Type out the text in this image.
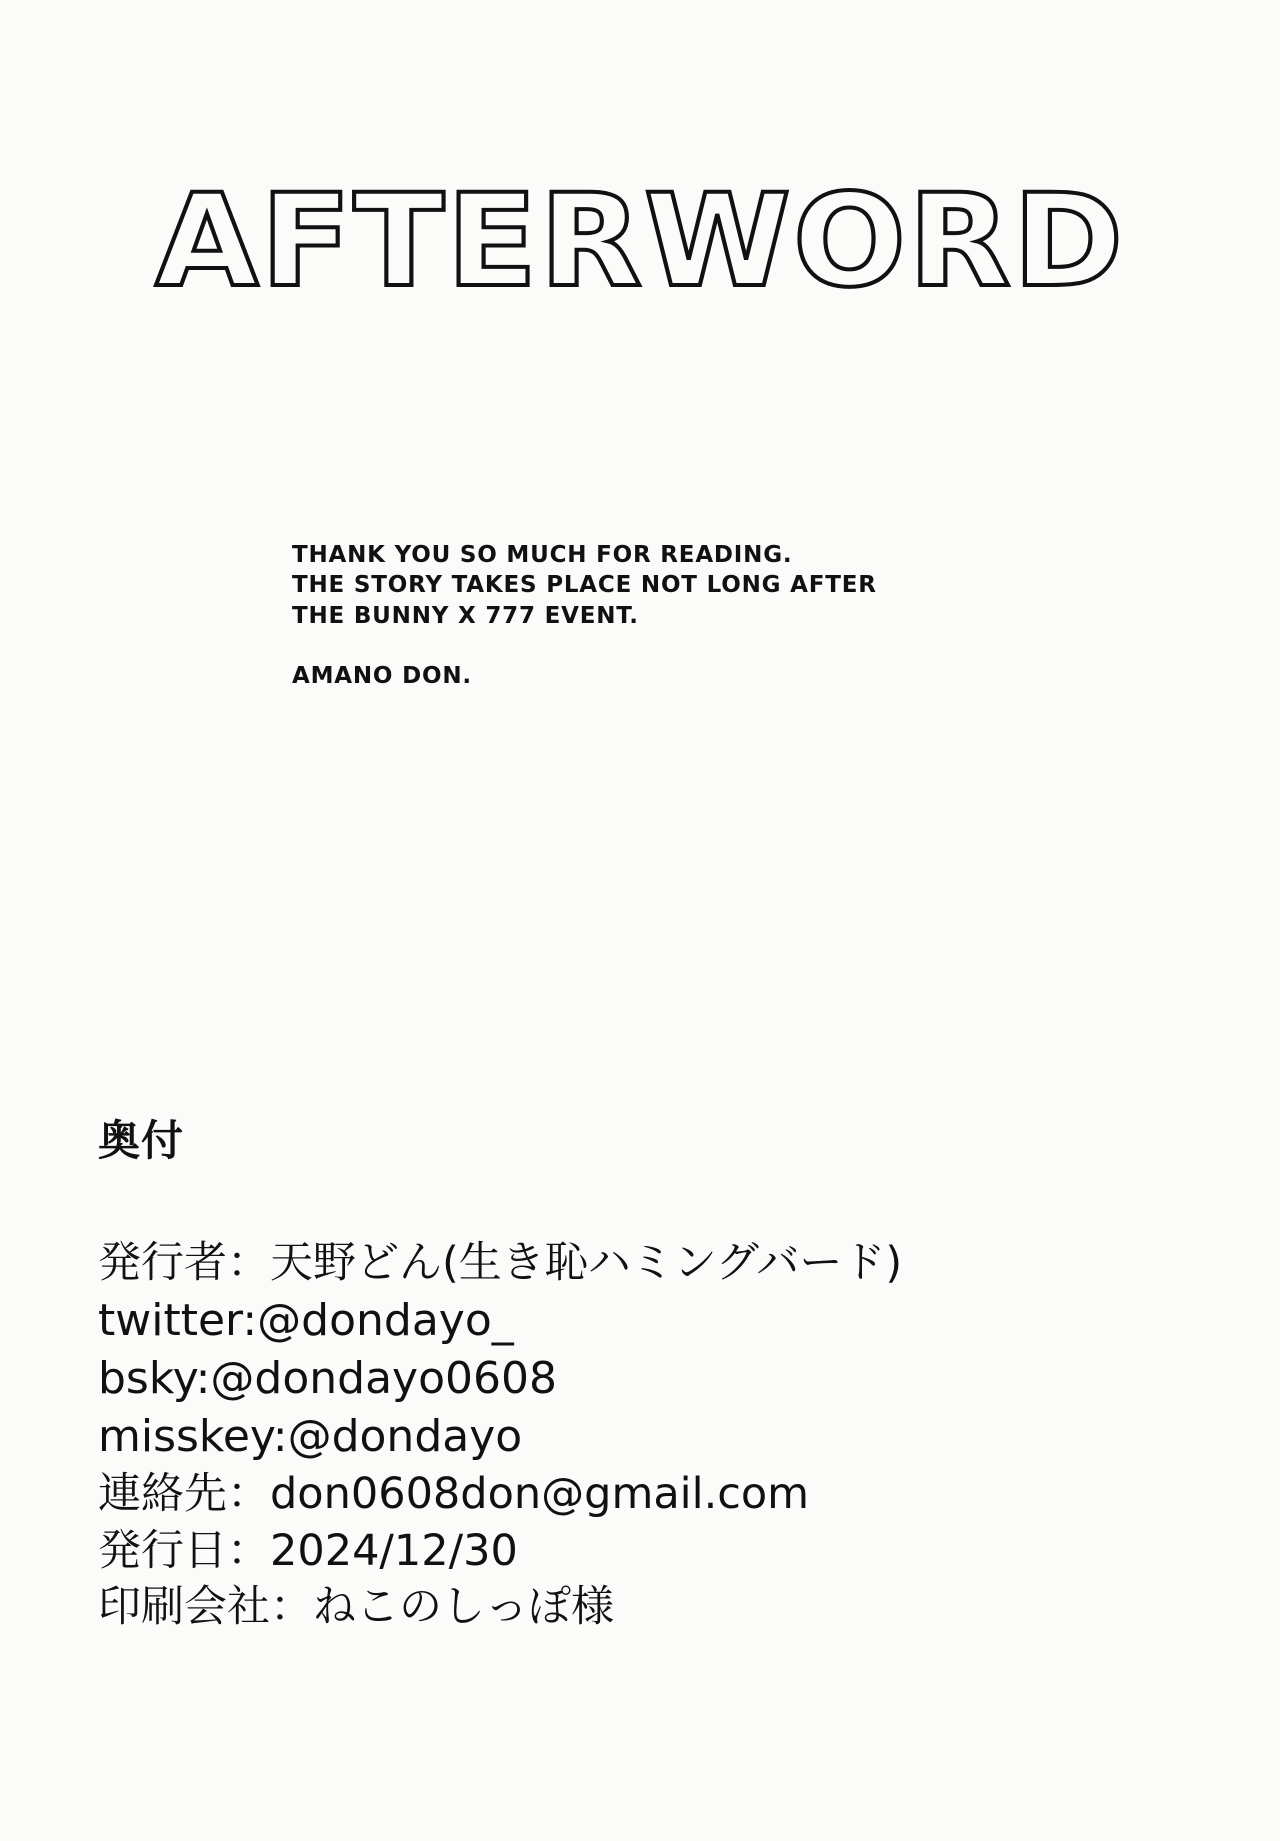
AFTERWORD

THANK YOU SO MUCH FOR READING.

THE STORY TAKES PLACE NOT LONG AFTER

THE BUNNY X 777 EVENT.

AMANO DON.

奥付
発行者：天野どん(生き恥ハミングバード)
twitter:@dondayo_
bsky:@dondayo0608
misskey:@dondayo
連絡先：don0608don@gmail.com
発行日：2024/12/30
印刷会社：ねこのしっぽ様
